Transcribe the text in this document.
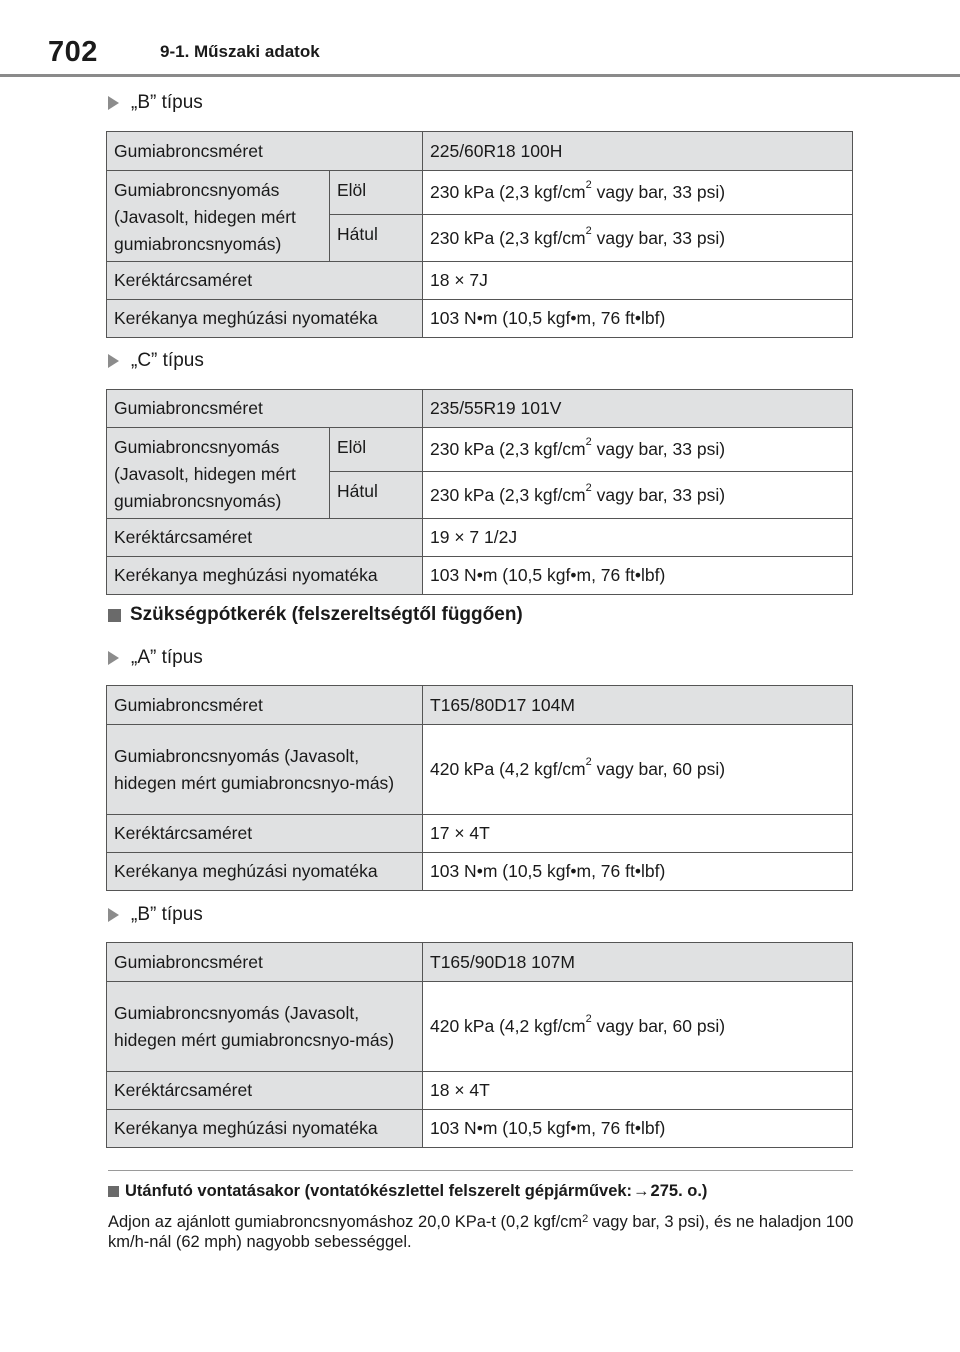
702	9-1. Műszaki adatok
„B” típus
Gumiabroncsméret		225/60R18 100H
Gumiabroncsnyomás (Javasolt, hidegen mért gumiabroncsnyomás)	Elöl	230 kPa (2,3 kgf/$cm^2$ vagy bar, 33 psi)
	Hátul	230 kPa (2,3 kgf/$cm^2$ vagy bar, 33 psi)
Keréktárcsaméret		18 × 7J
Kerékanya meghúzási nyomatéka		103 N•m (10,5 kgf•m, 76 ft•lbf)
„C” típus
Gumiabroncsméret		235/55R19 101V
Gumiabroncsnyomás (Javasolt, hidegen mért gumiabroncsnyomás)	Elöl	230 kPa (2,3 kgf/$cm^2$ vagy bar, 33 psi)
	Hátul	230 kPa (2,3 kgf/$cm^2$ vagy bar, 33 psi)
Keréktárcsaméret		19 × 7 1/2J
Kerékanya meghúzási nyomatéka		103 N•m (10,5 kgf•m, 76 ft•lbf)
Szükségpótkerék (felszereltségtől függően)
„A” típus
Gumiabroncsméret	T165/80D17 104M
Gumiabroncsnyomás (Javasolt, hidegen mért gumiabroncsnyo-más)	420 kPa (4,2 kgf/$cm^2$ vagy bar, 60 psi)
Keréktárcsaméret	17 × 4T
Kerékanya meghúzási nyomatéka	103 N•m (10,5 kgf•m, 76 ft•lbf)
„B” típus
Gumiabroncsméret	T165/90D18 107M
Gumiabroncsnyomás (Javasolt, hidegen mért gumiabroncsnyo-más)	420 kPa (4,2 kgf/$cm^2$ vagy bar, 60 psi)
Keréktárcsaméret	18 × 4T
Kerékanya meghúzási nyomatéka	103 N•m (10,5 kgf•m, 76 ft•lbf)
Utánfutó vontatásakor (vontatókészlettel felszerelt gépjárművek: → 275. o.)
Adjon az ajánlott gumiabroncsnyomáshoz 20,0 KPa-t (0,2 kgf/$cm^2$ vagy bar, 3 psi), és ne haladjon 100 km/h-nál (62 mph) nagyobb sebességgel.
